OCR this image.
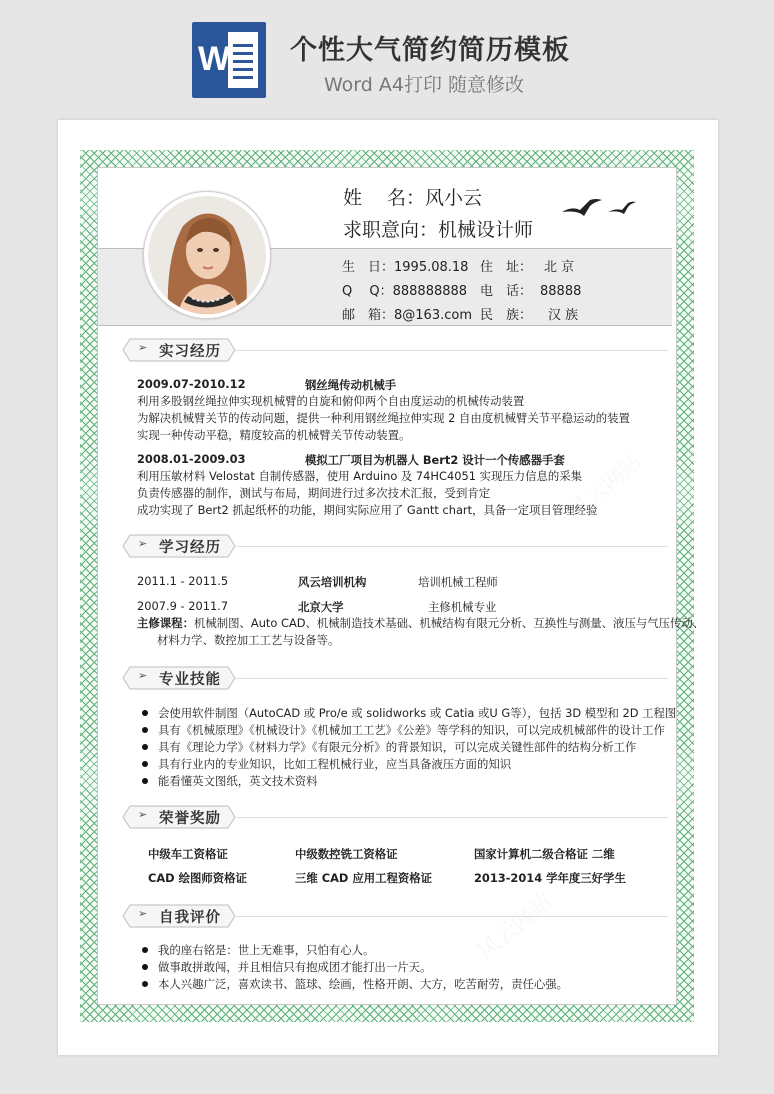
W 个性大气简约简历模板
Word A4打印 随意修改
姓　 名：风小云
求职意向：机械设计师
生　日：1995.08.18 住　址： 北 京
Q　 Q：888888888 电　话： 88888
邮　箱：8@163.com 民　族： 汉 族
➢ 实习经历
2009.07-2010.12	钢丝绳传动机械手
利用多股钢丝绳拉伸实现机械臂的自旋和俯仰两个自由度运动的机械传动装置
为解决机械臂关节的传动问题，提供一种利用钢丝绳拉伸实现 2 自由度机械臂关节平稳运动的装置
实现一种传动平稳，精度较高的机械臂关节传动装置。
2008.01-2009.03	模拟工厂项目为机器人 Bert2 设计一个传感器手套
利用压敏材料 Velostat 自制传感器，使用 Arduino 及 74HC4051 实现压力信息的采集
负责传感器的制作，测试与布局，期间进行过多次技术汇报，受到肯定
成功实现了 Bert2 抓起纸杯的功能，期间实际应用了 Gantt chart，具备一定项目管理经验
➢ 学习经历
2011.1 - 2011.5	风云培训机构	培训机械工程师
2007.9 - 2011.7	北京大学	主修机械专业
主修课程：机械制图、Auto CAD、机械制造技术基础、机械结构有限元分析、互换性与测量、液压与气压传动、
材料力学、数控加工工艺与设备等。
➢ 专业技能
会使用软件制图（AutoCAD 或 Pro/e 或 solidworks 或 Catia 或U G等），包括 3D 模型和 2D 工程图
具有《机械原理》《机械设计》《机械加工工艺》《公差》等学科的知识，可以完成机械部件的设计工作
具有《理论力学》《材料力学》《有限元分析》的背景知识，可以完成关键性部件的结构分析工作
具有行业内的专业知识，比如工程机械行业，应当具备液压方面的知识
能看懂英文图纸，英文技术资料
➢ 荣誉奖励
中级车工资格证	中级数控铣工资格证	国家计算机二级合格证 二维
CAD 绘图师资格证	三维 CAD 应用工程资格证	2013-2014 学年度三好学生
➢ 自我评价
我的座右铭是：世上无难事，只怕有心人。
做事敢拼敢闯，并且相信只有抱成团才能打出一片天。
本人兴趣广泛，喜欢读书、篮球、绘画，性格开朗、大方，吃苦耐劳，责任心强。
